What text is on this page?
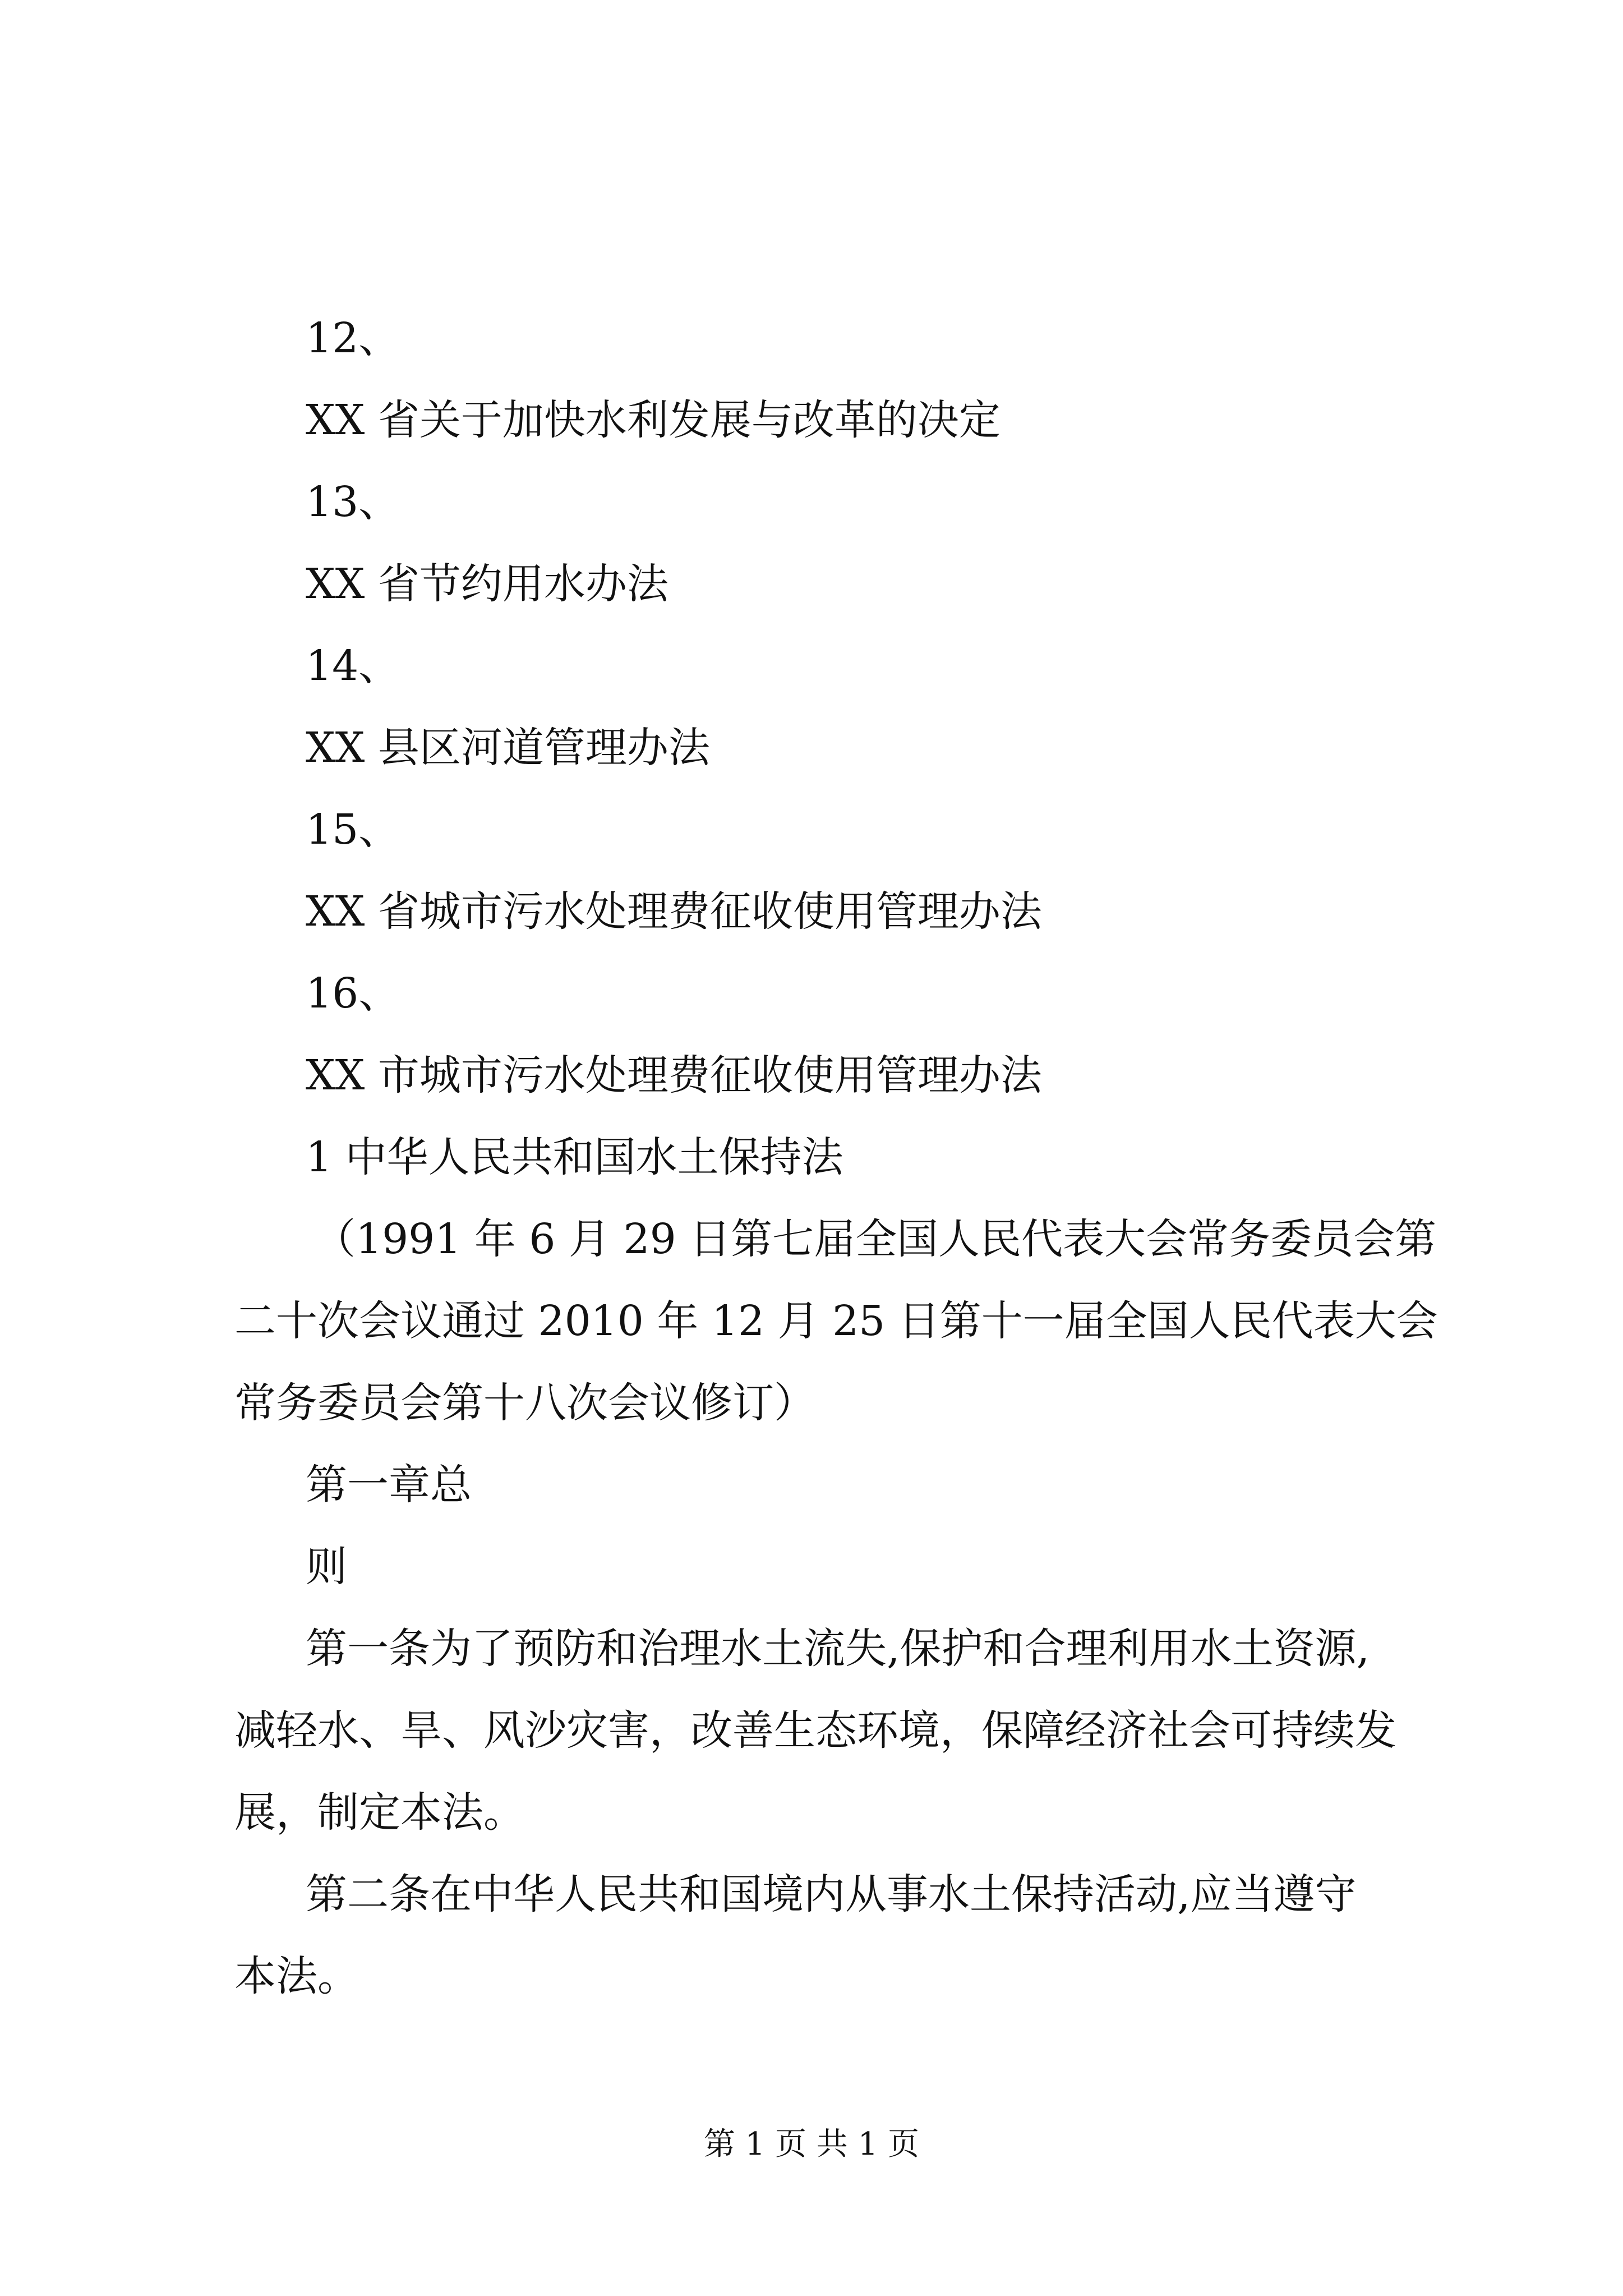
12、
XX 省关于加快水利发展与改革的决定
13、
XX 省节约用水办法
14、
XX 县区河道管理办法
15、
XX 省城市污水处理费征收使用管理办法
16、
XX 市城市污水处理费征收使用管理办法
1 中华人民共和国水土保持法
（1991 年 6 月 29 日第七届全国人民代表大会常务委员会第
二十次会议通过 2010 年 12 月 25 日第十一届全国人民代表大会
常务委员会第十八次会议修订）
第一章总
则
第一条为了预防和治理水土流失,保护和合理利用水土资源,
减轻水、旱、风沙灾害，改善生态环境，保障经济社会可持续发
展，制定本法。
第二条在中华人民共和国境内从事水土保持活动,应当遵守
本法。
第 1 页 共 1 页
